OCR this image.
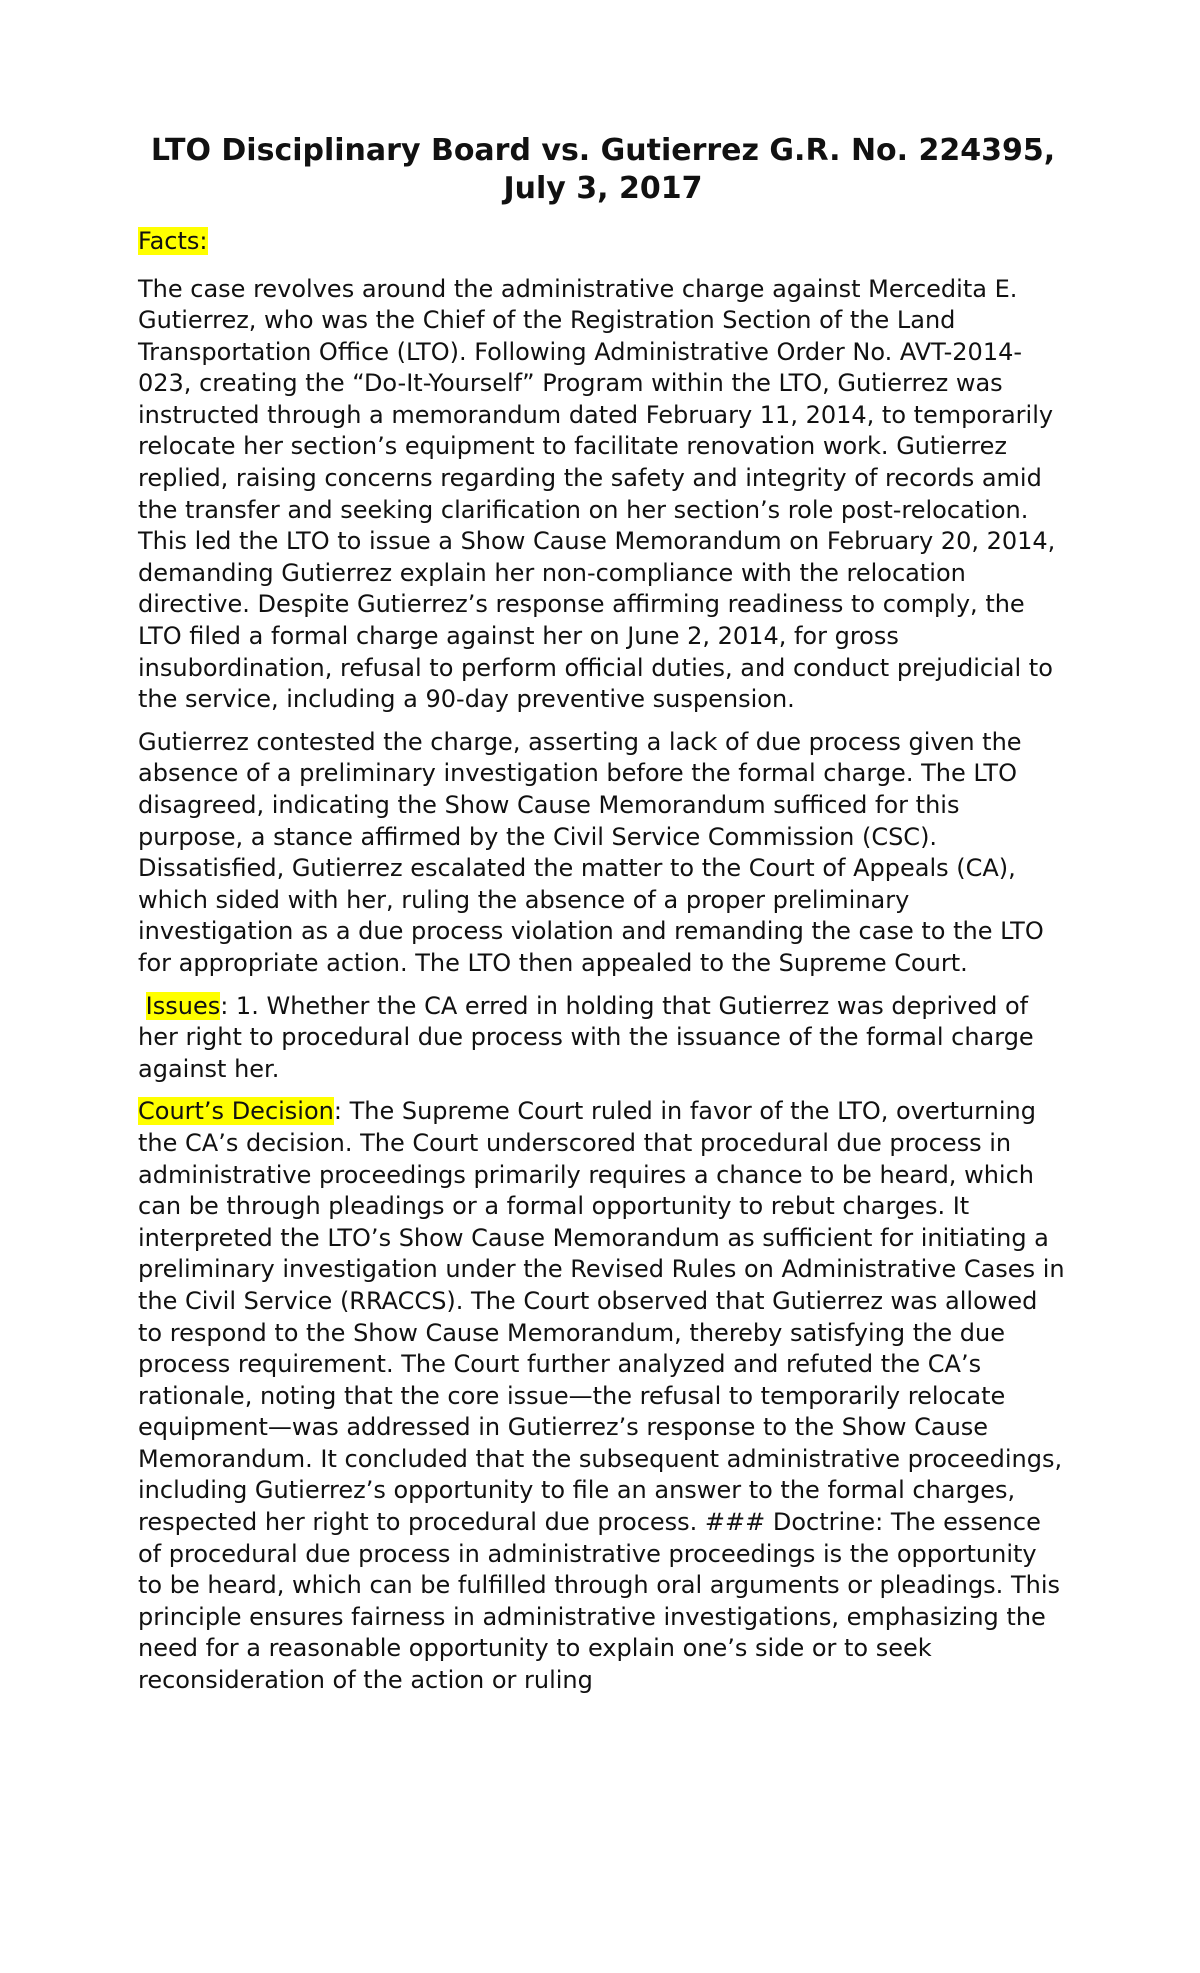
LTO Disciplinary Board vs. Gutierrez G.R. No. 224395, July 3, 2017
Facts:

The case revolves around the administrative charge against Mercedita E. Gutierrez, who was the Chief of the Registration Section of the Land Transportation Office (LTO). Following Administrative Order No. AVT-2014-023, creating the “Do-It-Yourself” Program within the LTO, Gutierrez was instructed through a memorandum dated February 11, 2014, to temporarily relocate her section’s equipment to facilitate renovation work. Gutierrez replied, raising concerns regarding the safety and integrity of records amid the transfer and seeking clarification on her section’s role post-relocation. This led the LTO to issue a Show Cause Memorandum on February 20, 2014, demanding Gutierrez explain her non-compliance with the relocation directive. Despite Gutierrez’s response affirming readiness to comply, the LTO filed a formal charge against her on June 2, 2014, for gross insubordination, refusal to perform official duties, and conduct prejudicial to the service, including a 90-day preventive suspension.

Gutierrez contested the charge, asserting a lack of due process given the absence of a preliminary investigation before the formal charge. The LTO disagreed, indicating the Show Cause Memorandum sufficed for this purpose, a stance affirmed by the Civil Service Commission (CSC). Dissatisfied, Gutierrez escalated the matter to the Court of Appeals (CA), which sided with her, ruling the absence of a proper preliminary investigation as a due process violation and remanding the case to the LTO for appropriate action. The LTO then appealed to the Supreme Court.

Issues: 1. Whether the CA erred in holding that Gutierrez was deprived of her right to procedural due process with the issuance of the formal charge against her.

Court’s Decision: The Supreme Court ruled in favor of the LTO, overturning the CA’s decision. The Court underscored that procedural due process in administrative proceedings primarily requires a chance to be heard, which can be through pleadings or a formal opportunity to rebut charges. It interpreted the LTO’s Show Cause Memorandum as sufficient for initiating a preliminary investigation under the Revised Rules on Administrative Cases in the Civil Service (RRACCS). The Court observed that Gutierrez was allowed to respond to the Show Cause Memorandum, thereby satisfying the due process requirement. The Court further analyzed and refuted the CA’s rationale, noting that the core issue—the refusal to temporarily relocate equipment—was addressed in Gutierrez’s response to the Show Cause Memorandum. It concluded that the subsequent administrative proceedings, including Gutierrez’s opportunity to file an answer to the formal charges, respected her right to procedural due process. ### Doctrine: The essence of procedural due process in administrative proceedings is the opportunity to be heard, which can be fulfilled through oral arguments or pleadings. This principle ensures fairness in administrative investigations, emphasizing the need for a reasonable opportunity to explain one’s side or to seek reconsideration of the action or ruling
